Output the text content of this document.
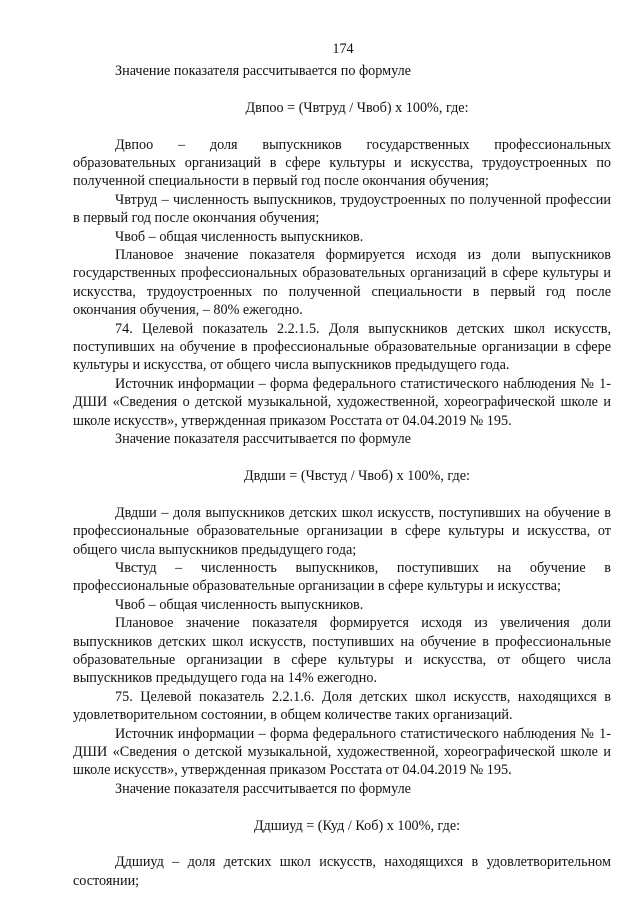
174

Значение показателя рассчитывается по формуле

Двпоо = (Чвтруд / Чвоб) х 100%, где:

Двпоо – доля выпускников государственных профессиональных образовательных организаций в сфере культуры и искусства, трудоустроенных по полученной специальности в первый год после окончания обучения;

Чвтруд – численность выпускников, трудоустроенных по полученной профессии в первый год после окончания обучения;

Чвоб – общая численность выпускников.

Плановое значение показателя формируется исходя из доли выпускников государственных профессиональных образовательных организаций в сфере культуры и искусства, трудоустроенных по полученной специальности в первый год после окончания обучения, – 80% ежегодно.

74. Целевой показатель 2.2.1.5. Доля выпускников детских школ искусств, поступивших на обучение в профессиональные образовательные организации в сфере культуры и искусства, от общего числа выпускников предыдущего года.

Источник информации – форма федерального статистического наблюдения № 1-ДШИ «Сведения о детской музыкальной, художественной, хореографической школе и школе искусств», утвержденная приказом Росстата от 04.04.2019 № 195.

Значение показателя рассчитывается по формуле

Двдши = (Чвстуд / Чвоб) х 100%, где:

Двдши – доля выпускников детских школ искусств, поступивших на обучение в профессиональные образовательные организации в сфере культуры и искусства, от общего числа выпускников предыдущего года;

Чвстуд – численность выпускников, поступивших на обучение в профессиональные образовательные организации в сфере культуры и искусства;

Чвоб – общая численность выпускников.

Плановое значение показателя формируется исходя из увеличения доли выпускников детских школ искусств, поступивших на обучение в профессиональные образовательные организации в сфере культуры и искусства, от общего числа выпускников предыдущего года на 14% ежегодно.

75. Целевой показатель 2.2.1.6. Доля детских школ искусств, находящихся в удовлетворительном состоянии, в общем количестве таких организаций.

Источник информации – форма федерального статистического наблюдения № 1-ДШИ «Сведения о детской музыкальной, художественной, хореографической школе и школе искусств», утвержденная приказом Росстата от 04.04.2019 № 195.

Значение показателя рассчитывается по формуле

Ддшиуд = (Куд / Коб) х 100%, где:

Ддшиуд – доля детских школ искусств, находящихся в удовлетворительном состоянии;
